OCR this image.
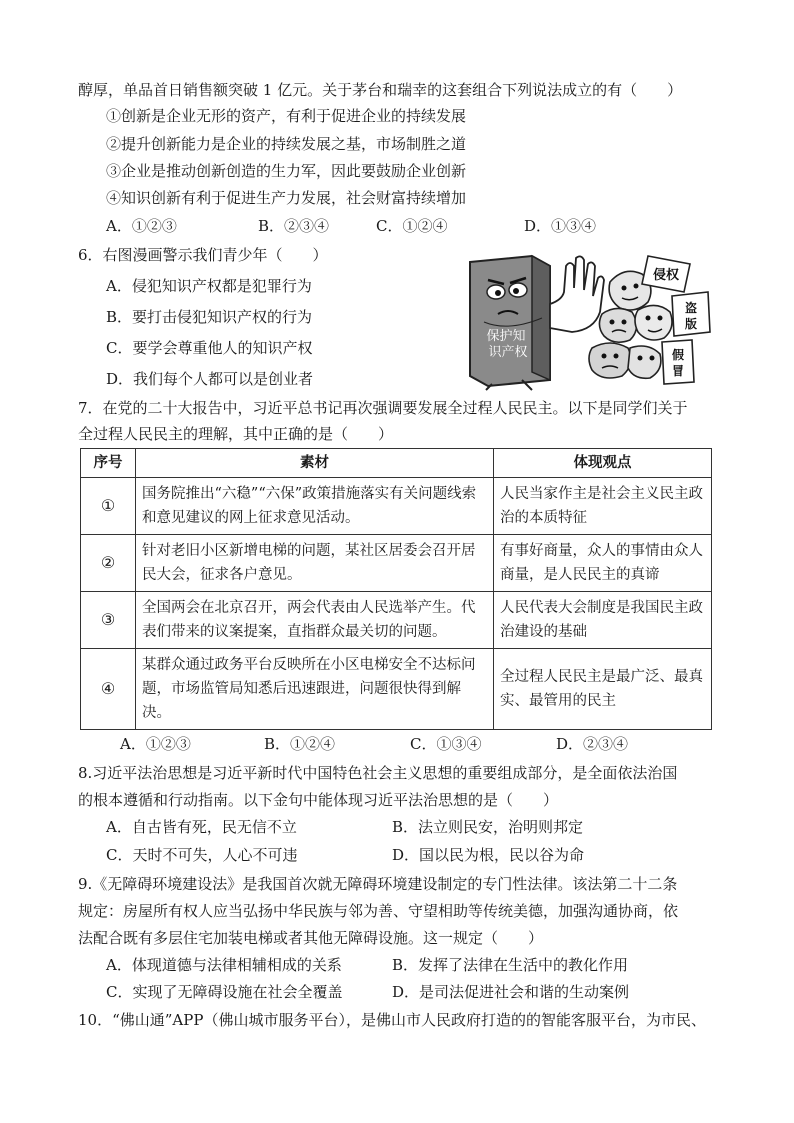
醇厚，单品首日销售额突破 1 亿元。关于茅台和瑞幸的这套组合下列说法成立的有（　　）
①创新是企业无形的资产，有利于促进企业的持续发展
②提升创新能力是企业的持续发展之基，市场制胜之道
③企业是推动创新创造的生力军，因此要鼓励企业创新
④知识创新有利于促进生产力发展，社会财富持续增加
A．①②③	B．②③④	C．①②④	D．①③④
6．右图漫画警示我们青少年（　　）
A．侵犯知识产权都是犯罪行为
B．要打击侵犯知识产权的行为
C．要学会尊重他人的知识产权
D．我们每个人都可以是创业者
保护知
识产权
侵权
盗
版
假
冒
7．在党的二十大报告中，习近平总书记再次强调要发展全过程人民民主。以下是同学们关于
全过程人民民主的理解，其中正确的是（　　）
序号	素材	体现观点
①	国务院推出“六稳”“六保”政策措施落实有关问题线索和意见建议的网上征求意见活动。	人民当家作主是社会主义民主政治的本质特征
②	针对老旧小区新增电梯的问题，某社区居委会召开居民大会，征求各户意见。	有事好商量，众人的事情由众人商量，是人民民主的真谛
③	全国两会在北京召开，两会代表由人民选举产生。代表们带来的议案提案，直指群众最关切的问题。	人民代表大会制度是我国民主政治建设的基础
④	某群众通过政务平台反映所在小区电梯安全不达标问题，市场监管局知悉后迅速跟进，问题很快得到解决。	全过程人民民主是最广泛、最真实、最管用的民主
A．①②③	B．①②④	C．①③④	D．②③④
8.习近平法治思想是习近平新时代中国特色社会主义思想的重要组成部分，是全面依法治国
的根本遵循和行动指南。以下金句中能体现习近平法治思想的是（　　）
A．自古皆有死，民无信不立	B．法立则民安，治明则邦定
C．天时不可失，人心不可违	D．国以民为根，民以谷为命
9.《无障碍环境建设法》是我国首次就无障碍环境建设制定的专门性法律。该法第二十二条
规定：房屋所有权人应当弘扬中华民族与邻为善、守望相助等传统美德，加强沟通协商，依
法配合既有多层住宅加装电梯或者其他无障碍设施。这一规定（　　）
A．体现道德与法律相辅相成的关系	B．发挥了法律在生活中的教化作用
C．实现了无障碍设施在社会全覆盖	D．是司法促进社会和谐的生动案例
10．“佛山通”APP（佛山城市服务平台），是佛山市人民政府打造的的智能客服平台，为市民、
